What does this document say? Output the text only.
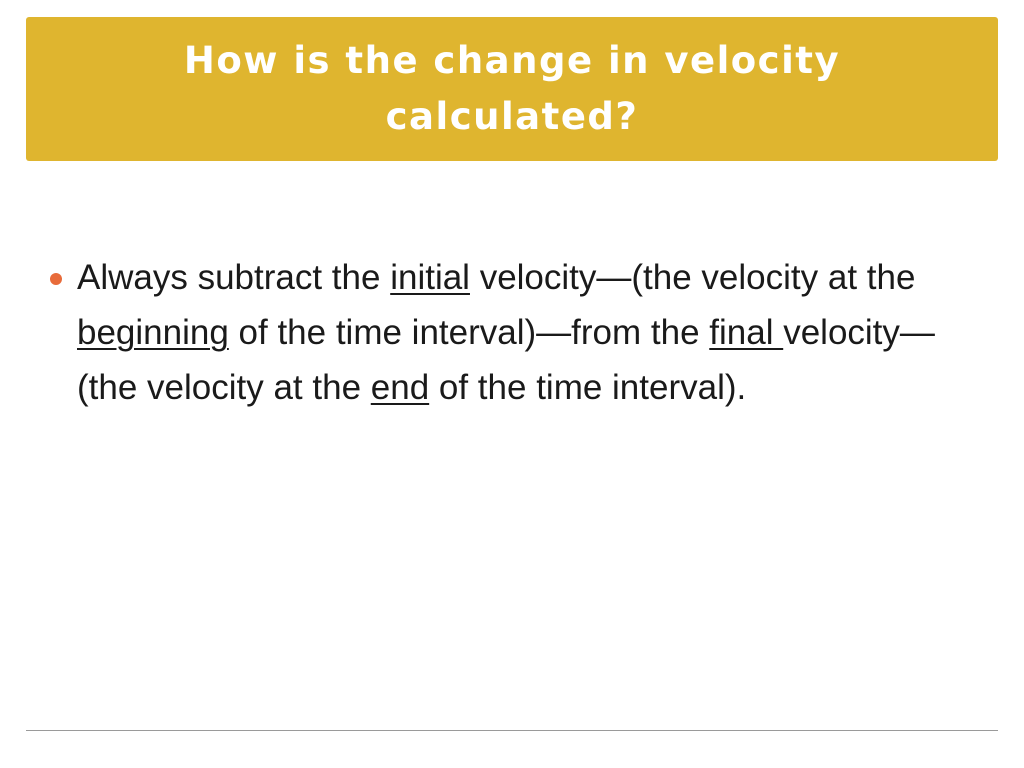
How is the change in velocity calculated?
Always subtract the initial velocity—(the velocity at the beginning of the time interval)—from the final velocity—(the velocity at the end of the time interval).
